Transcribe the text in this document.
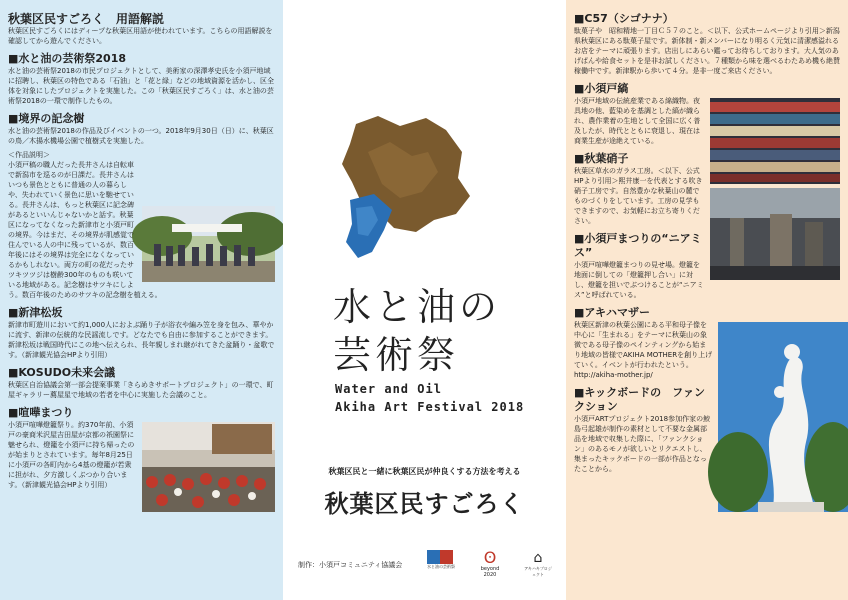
秋葉区民すごろく　用語解説

秋葉区民すごろくにはディープな秋葉区用語が使われています。こちらの用語解説を確認してから遊んでください。

■水と油の芸術祭2018

水と油の芸術祭2018の市民プロジェクトとして、美術家の深澤孝史氏を小須戸地域に招聘し、秋葉区の特色である「石油」と「花と緑」などの地域資源を活かし、区全体を対象にしたプロジェクトを実施した。この「秋葉区民すごろく」は、水と油の芸術祭2018の一環で制作したもの。

■境界の記念樹

水と油の芸術祭2018の作品及びイベントの一つ。2018年9月30日（日）に、秋葉区の鳥／木揚水機場公園で植樹式を実施した。

＜作品説明＞

小須戸稿の職人だった長井さんは自転車で新潟市を巡るのが日課だ。長井さんはいつも景色とともに普通の人の暮らしや、失われていく景色に思いを馳せている。長井さんは、もっと秋葉区に記念碑があるといいんじゃないかと話す。秋葉区になってなくなった新津市と小須戸町の境界。今はまだ、その境界が肌感覚で住んでいる人の中に残っているが、数百年後にはその境界は完全になくなっているかもしれない。両方の町の花だったサツキツツジは樹齢300年のものも咲いている地域がある。記念樹はサツキにしよう。数百年後のためのサツキの記念樹を植える。

■新津松坂

新津市町遊川において約1,000人におよぶ踊り子が浴衣や編み笠を身を包み、華やかに流す、新津の伝統的な民謡流しです。どなたでも自由に参加することができます。新津松坂は戦国時代にこの地へ伝えられ、長年親しまれ継がれてきた盆踊り・盆歌です。（新津観光協会HPより引用）

■KOSUDO未来会議

秋葉区自治協議会第一部会提案事業「きらめきサポートプロジェクト」の一環で、町屋ギャラリー薦屋星で地域の若者を中心に実施した会議のこと。

■喧嘩まつり

小須戸喧嘩燈籠祭り。約370年前、小須戸の豪商米沢屋吉田屋が京都の祇園祭に魅せられ、燈籠を小須戸に持ち帰ったのが始まりとされています。毎年8月25日に小須戸の各町内から4基の燈籠が若衆に担がれ、夕方激しくぶつかり合います。（新津観光協会HPより引用）

水と油の
芸術祭
Water and Oil
Akiha Art Festival 2018
秋葉区民と一緒に秋葉区民が仲良くする方法を考える
秋葉区民すごろく
制作：小須戸コミュニティ協議会	水と油の芸術祭	ʘ
beyond 2020
⌂
アキハキプロジェクト
■C57（シゴナナ）

駄菓子や　昭和精地一丁目Ｃ５７のこと。＜以下、公式ホームページより引用＞新潟県秋葉区にある駄菓子屋です。新体制・新メンバーになり明るく元気に清潔感溢れるお店をテーマに頑張ります。店出しにあらい鑑ってお待ちしております。大人気のあげぱんや給食セットを是非お試しください。７種類から味を選べるわたあめ機も絶賛稼働中です。新津駅から歩いて４分。是非一度ご来店ください。

■小須戸縞

小須戸地域の伝統産業である綿織物。夜具地の他、藍染めを基調とした縞が織られ、農作業着の生地として全国に広く普及したが、時代とともに衰退し、現在は商業生産が途絶えている。

■秋葉硝子

秋葉区草水のガラス工房。＜以下、公式HPより引用＞熙井康一を代表とする吹き硝子工房です。自然豊かな秋葉山の麓でものづくりをしています。工房の見学もできますので、お気軽にお立ち寄りください。

■小須戸まつりの“ニアミス”

小須戸喧嘩燈籠まつりの見せ場。燈籠を地面に倒しての「燈籠押し合い」に対し、燈籠を担いでぶつけることが“ニアミス”と呼ばれている。

■アキハマザー

秋葉区新津の秋葉公園にある平和母子像を中心に「生まれる」をテーマに秋葉山の象徴である母子像のペインティングから始まり地域の皆様でAKIHA MOTHERを創り上げていく。イベントが行われたという。http://akiha-mother.jp/

■キックボードの　ファンクション

小須戸ARTプロジェクト2018参加作家の鮫島弓起雄が制作の素材として不要な金属部品を地域で収集した際に、「ファンクション」のあるモノが欲しいとリクエストし、集まったキックボードの一部が作品となったことから。
